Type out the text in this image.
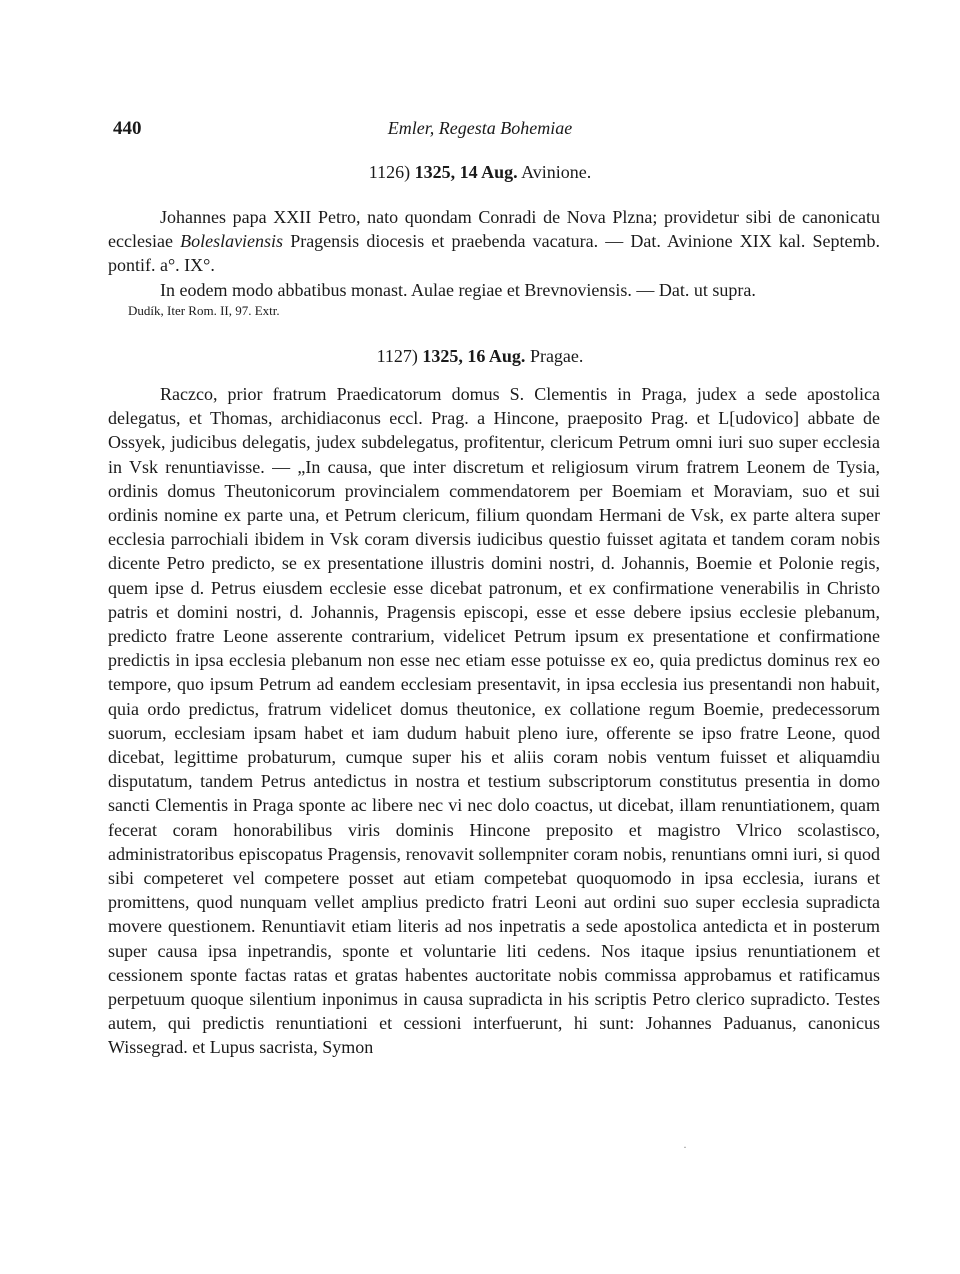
440	Emler, Regesta Bohemiae
1126) 1325, 14 Aug. Avinione.

Johannes papa XXII Petro, nato quondam Conradi de Nova Plzna; providetur sibi de canonicatu ecclesiae Boleslaviensis Pragensis diocesis et praebenda vacatura. — Dat. Avinione XIX kal. Septemb. pontif. a°. IX°.

In eodem modo abbatibus monast. Aulae regiae et Brevnoviensis. — Dat. ut supra.

Dudík, Iter Rom. II, 97. Extr.
1127) 1325, 16 Aug. Pragae.

Raczco, prior fratrum Praedicatorum domus S. Clementis in Praga, judex a sede apostolica delegatus, et Thomas, archidiaconus eccl. Prag. a Hincone, praeposito Prag. et L[udovico] abbate de Ossyek, judicibus delegatis, judex subdelegatus, profitentur, clericum Petrum omni iuri suo super ecclesia in Vsk renuntiavisse. — „In causa, que inter discretum et religiosum virum fratrem Leonem de Tysia, ordinis domus Theutonicorum provincialem commendatorem per Boemiam et Moraviam, suo et sui ordinis nomine ex parte una, et Petrum clericum, filium quondam Hermani de Vsk, ex parte altera super ecclesia parrochiali ibidem in Vsk coram diversis iudicibus questio fuisset agitata et tandem coram nobis dicente Petro predicto, se ex presentatione illustris domini nostri, d. Johannis, Boemie et Polonie regis, quem ipse d. Petrus eiusdem ecclesie esse dicebat patronum, et ex confirmatione venerabilis in Christo patris et domini nostri, d. Johannis, Pragensis episcopi, esse et esse debere ipsius ecclesie plebanum, predicto fratre Leone asserente contrarium, videlicet Petrum ipsum ex presentatione et confirmatione predictis in ipsa ecclesia plebanum non esse nec etiam esse potuisse ex eo, quia predictus dominus rex eo tempore, quo ipsum Petrum ad eandem ecclesiam presentavit, in ipsa ecclesia ius presentandi non habuit, quia ordo predictus, fratrum videlicet domus theutonice, ex collatione regum Boemie, predecessorum suorum, ecclesiam ipsam habet et iam dudum habuit pleno iure, offerente se ipso fratre Leone, quod dicebat, legittime probaturum, cumque super his et aliis coram nobis ventum fuisset et aliquamdiu disputatum, tandem Petrus antedictus in nostra et testium subscriptorum constitutus presentia in domo sancti Clementis in Praga sponte ac libere nec vi nec dolo coactus, ut dicebat, illam renuntiationem, quam fecerat coram honorabilibus viris dominis Hincone preposito et magistro Vlrico scolastisco, administratoribus episcopatus Pragensis, renovavit sollempniter coram nobis, renuntians omni iuri, si quod sibi competeret vel competere posset aut etiam competebat quoquomodo in ipsa ecclesia, iurans et promittens, quod nunquam vellet amplius predicto fratri Leoni aut ordini suo super ecclesia supradicta movere questionem. Renuntiavit etiam literis ad nos inpetratis a sede apostolica antedicta et in posterum super causa ipsa inpetrandis, sponte et voluntarie liti cedens. Nos itaque ipsius renuntiationem et cessionem sponte factas ratas et gratas habentes auctoritate nobis commissa approbamus et ratificamus perpetuum quoque silentium inponimus in causa supradicta in his scriptis Petro clerico supradicto. Testes autem, qui predictis renuntiationi et cessioni interfuerunt, hi sunt: Johannes Paduanus, canonicus Wissegrad. et Lupus sacrista, Symon

·
